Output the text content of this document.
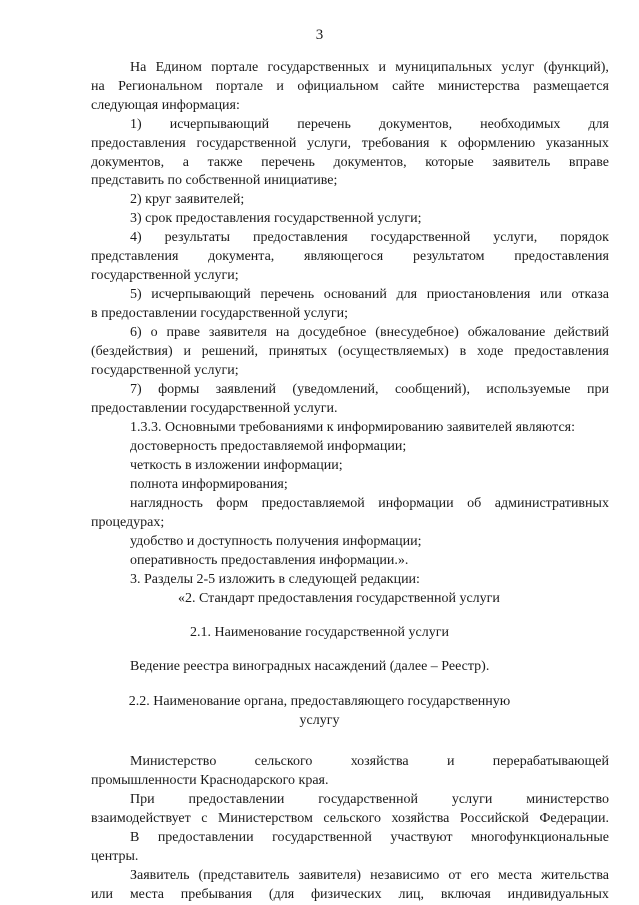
3
На Едином портале государственных и муниципальных услуг (функций),
на Региональном портале и официальном сайте министерства размещается
следующая информация:
1) исчерпывающий перечень документов, необходимых для
предоставления государственной услуги, требования к оформлению указанных
документов, а также перечень документов, которые заявитель вправе
представить по собственной инициативе;
2) круг заявителей;
3) срок предоставления государственной услуги;
4) результаты предоставления государственной услуги, порядок
представления документа, являющегося результатом предоставления
государственной услуги;
5) исчерпывающий перечень оснований для приостановления или отказа
в предоставлении государственной услуги;
6) о праве заявителя на досудебное (внесудебное) обжалование действий
(бездействия) и решений, принятых (осуществляемых) в ходе предоставления
государственной услуги;
7) формы заявлений (уведомлений, сообщений), используемые при
предоставлении государственной услуги.
1.3.3. Основными требованиями к информированию заявителей являются:
достоверность предоставляемой информации;
четкость в изложении информации;
полнота информирования;
наглядность форм предоставляемой информации об административных
процедурах;
удобство и доступность получения информации;
оперативность предоставления информации.».
3. Разделы 2-5 изложить в следующей редакции:
«2. Стандарт предоставления государственной услуги
2.1. Наименование государственной услуги
Ведение реестра виноградных насаждений (далее – Реестр).
2.2. Наименование органа, предоставляющего государственную
услугу
Министерство	сельского	хозяйства	и	перерабатывающей
промышленности Краснодарского края.
При предоставлении государственной услуги министерство
взаимодействует с Министерством сельского хозяйства Российской Федерации.
В предоставлении государственной участвуют многофункциональные
центры.
Заявитель (представитель заявителя) независимо от его места жительства
или места пребывания (для физических лиц, включая индивидуальных
